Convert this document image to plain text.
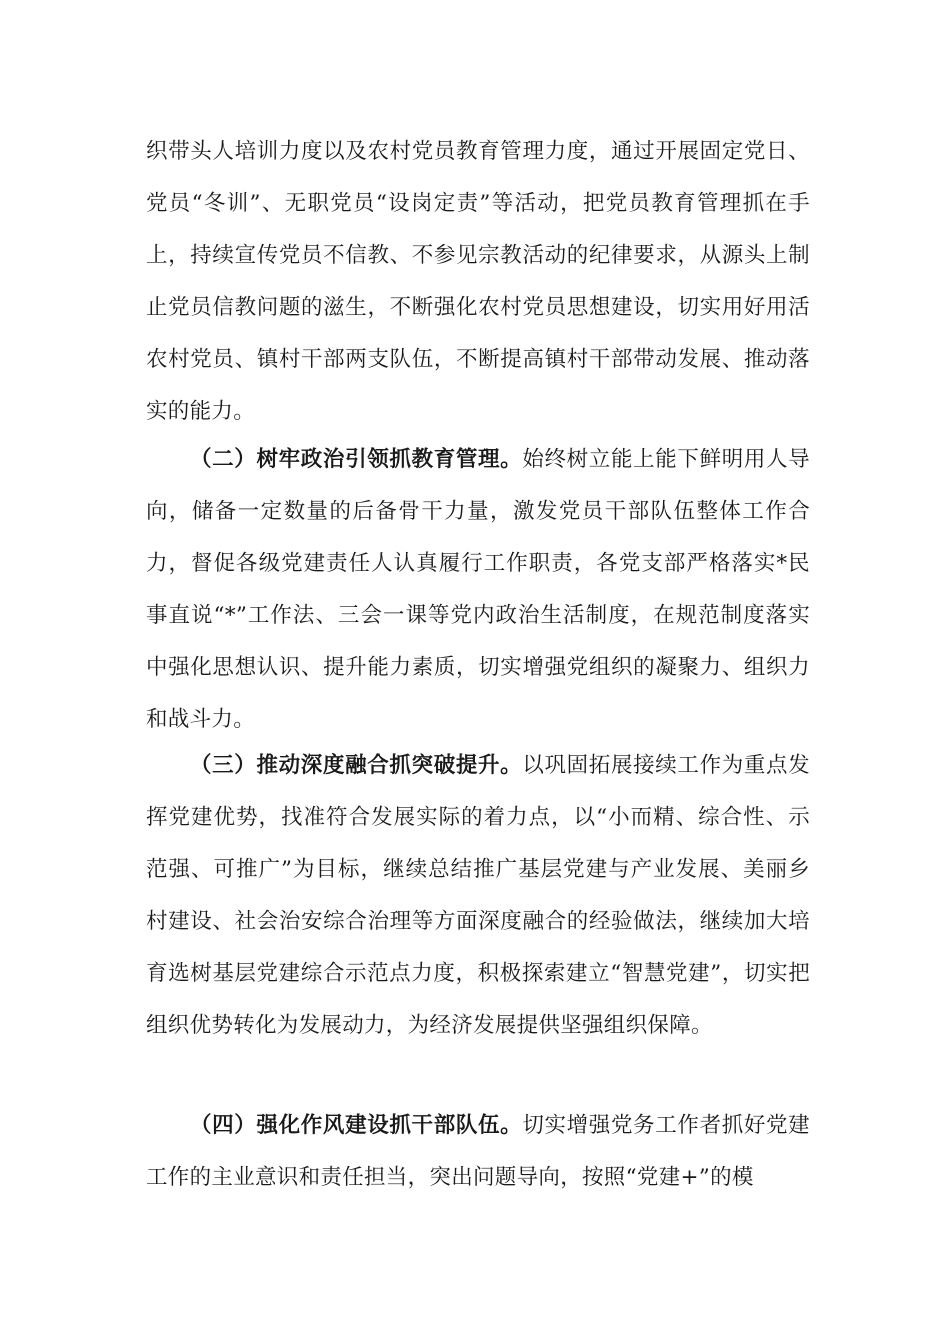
织带头人培训力度以及农村党员教育管理力度，通过开展固定党日、党员“冬训”、无职党员“设岗定责”等活动，把党员教育管理抓在手上，持续宣传党员不信教、不参见宗教活动的纪律要求，从源头上制止党员信教问题的滋生，不断强化农村党员思想建设，切实用好用活农村党员、镇村干部两支队伍，不断提高镇村干部带动发展、推动落实的能力。

（二）树牢政治引领抓教育管理。始终树立能上能下鲜明用人导向，储备一定数量的后备骨干力量，激发党员干部队伍整体工作合力，督促各级党建责任人认真履行工作职责，各党支部严格落实*民事直说“*”工作法、三会一课等党内政治生活制度，在规范制度落实中强化思想认识、提升能力素质，切实增强党组织的凝聚力、组织力和战斗力。

（三）推动深度融合抓突破提升。以巩固拓展接续工作为重点发挥党建优势，找准符合发展实际的着力点，以“小而精、综合性、示范强、可推广”为目标，继续总结推广基层党建与产业发展、美丽乡村建设、社会治安综合治理等方面深度融合的经验做法，继续加大培育选树基层党建综合示范点力度，积极探索建立“智慧党建”，切实把组织优势转化为发展动力，为经济发展提供坚强组织保障。

（四）强化作风建设抓干部队伍。切实增强党务工作者抓好党建工作的主业意识和责任担当，突出问题导向，按照“党建+”的模
